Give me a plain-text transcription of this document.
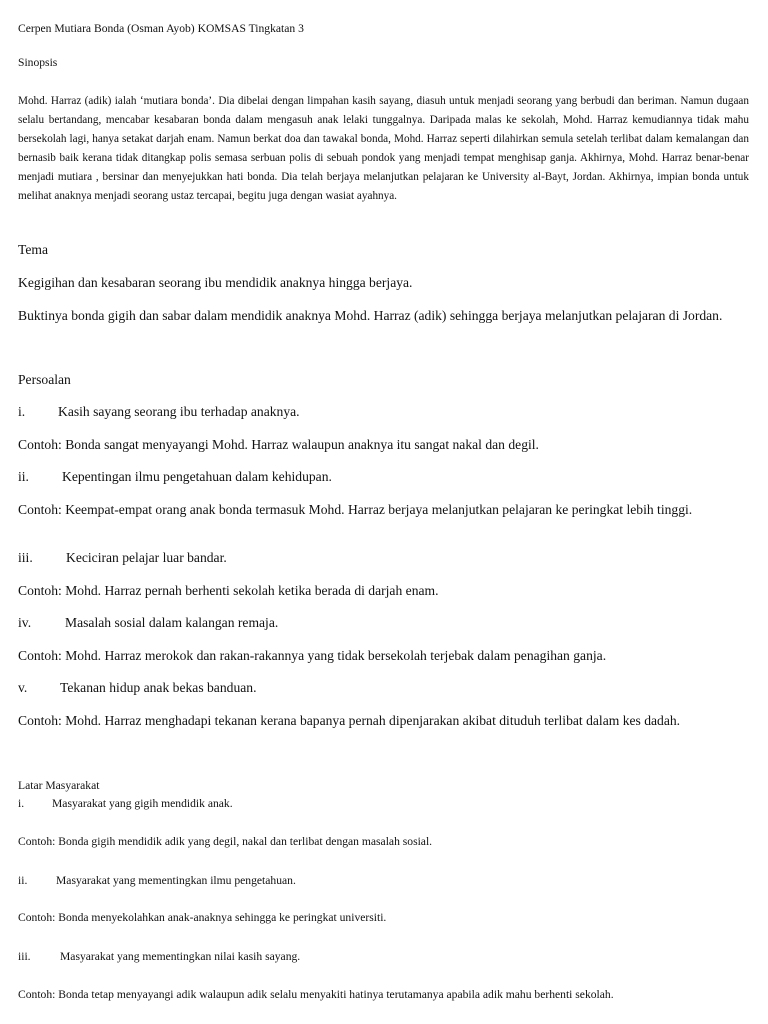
Cerpen Mutiara Bonda (Osman Ayob) KOMSAS Tingkatan 3

Sinopsis

Mohd. Harraz (adik) ialah ‘mutiara bonda’. Dia dibelai dengan limpahan kasih sayang, diasuh untuk menjadi seorang yang berbudi dan beriman. Namun dugaan selalu bertandang, mencabar kesabaran bonda dalam mengasuh anak lelaki tunggalnya. Daripada malas ke sekolah, Mohd. Harraz kemudiannya tidak mahu bersekolah lagi, hanya setakat darjah enam. Namun berkat doa dan tawakal bonda, Mohd. Harraz seperti dilahirkan semula setelah terlibat dalam kemalangan dan bernasib baik kerana tidak ditangkap polis semasa serbuan polis di sebuah pondok yang menjadi tempat menghisap ganja. Akhirnya, Mohd. Harraz benar-benar menjadi mutiara , bersinar dan menyejukkan hati bonda. Dia telah berjaya melanjutkan pelajaran ke University al-Bayt, Jordan. Akhirnya, impian bonda untuk melihat anaknya menjadi seorang ustaz tercapai, begitu juga dengan wasiat ayahnya.

Tema

Kegigihan dan kesabaran seorang ibu mendidik anaknya hingga berjaya.

Buktinya bonda gigih dan sabar dalam mendidik anaknya Mohd. Harraz (adik) sehingga berjaya melanjutkan pelajaran di Jordan.

Persoalan

i. Kasih sayang seorang ibu terhadap anaknya.

Contoh: Bonda sangat menyayangi Mohd. Harraz walaupun anaknya itu sangat nakal dan degil.

ii. Kepentingan ilmu pengetahuan dalam kehidupan.

Contoh: Keempat-empat orang anak bonda termasuk Mohd. Harraz berjaya melanjutkan pelajaran ke peringkat lebih tinggi.

iii. Keciciran pelajar luar bandar.

Contoh: Mohd. Harraz pernah berhenti sekolah ketika berada di darjah enam.

iv. Masalah sosial dalam kalangan remaja.

Contoh: Mohd. Harraz merokok dan rakan-rakannya yang tidak bersekolah terjebak dalam penagihan ganja.

v. Tekanan hidup anak bekas banduan.

Contoh: Mohd. Harraz menghadapi tekanan kerana bapanya pernah dipenjarakan akibat dituduh terlibat dalam kes dadah.

Latar Masyarakat

i. Masyarakat yang gigih mendidik anak.

Contoh: Bonda gigih mendidik adik yang degil, nakal dan terlibat dengan masalah sosial.

ii. Masyarakat yang mementingkan ilmu pengetahuan.

Contoh: Bonda menyekolahkan anak-anaknya sehingga ke peringkat universiti.

iii.	Masyarakat yang mementingkan nilai kasih sayang.

Contoh: Bonda tetap menyayangi adik walaupun adik selalu menyakiti hatinya terutamanya apabila adik mahu berhenti sekolah.
